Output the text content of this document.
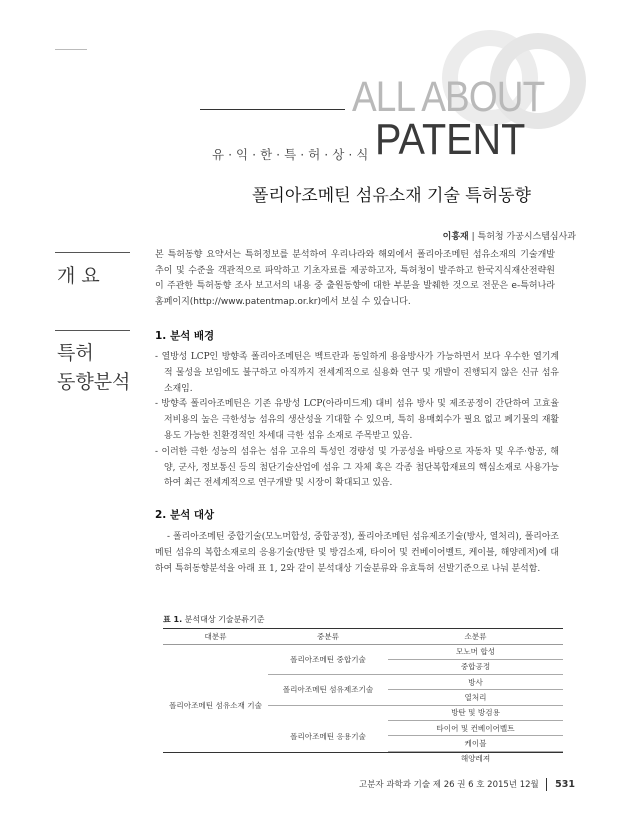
ALL ABOUT
PATENT
유·익·한·특·허·상·식
폴리아조메틴 섬유소재 기술 특허동향
이흥재 | 특허청 가공시스템심사과
개 요
특허
동향분석

본 특허동향 요약서는 특허정보를 분석하여 우리나라와 해외에서 폴리아조메틴 섬유소재의 기술개발 추이 및 수준을 객관적으로 파악하고 기초자료를 제공하고자, 특허청이 발주하고 한국지식재산전략원이 주관한 특허동향 조사 보고서의 내용 중 출원동향에 대한 부분을 발췌한 것으로 전문은 e-특허나라 홈페이지(http://www.patentmap.or.kr)에서 보실 수 있습니다.

1. 분석 배경
- 열방성 LCP인 방향족 폴리아조메틴은 벡트란과 동일하게 용융방사가 가능하면서 보다 우수한 열기계적 물성을 보임에도 불구하고 아직까지 전세계적으로 실용화 연구 및 개발이 진행되지 않은 신규 섬유소재임.
- 방향족 폴리아조메틴은 기존 유방성 LCP(아라미드계) 대비 섬유 방사 및 제조공정이 간단하여 고효율 저비용의 높은 극한성능 섬유의 생산성을 기대할 수 있으며, 특히 용매회수가 필요 없고 폐기물의 재활용도 가능한 친환경적인 차세대 극한 섬유 소재로 주목받고 있음.
- 이러한 극한 성능의 섬유는 섬유 고유의 특성인 경량성 및 가공성을 바탕으로 자동차 및 우주·항공, 해양, 군사, 정보통신 등의 첨단기술산업에 섬유 그 자체 혹은 각종 첨단복합재료의 핵심소재로 사용가능하여 최근 전세계적으로 연구개발 및 시장이 확대되고 있음.
2. 분석 대상

- 폴리아조메틴 중합기술(모노머합성, 중합공정), 폴리아조메틴 섬유제조기술(방사, 열처리), 폴리아조메틴 섬유의 복합소재로의 응용기술(방탄 및 방검소재, 타이어 및 컨베이어벨트, 케이블, 해양레저)에 대하여 특허동향분석을 아래 표 1, 2와 같이 분석대상 기술분류와 유효특허 선발기준으로 나눠 분석함.

표 1. 분석대상 기술분류기준
대분류	중분류	소분류
폴리아조메틴 섬유소재 기술	폴리아조메틴 중합기술	모노머 합성
		중합공정
	폴리아조메틴 섬유제조기술	방사
		열처리
	폴리아조메틴 응용기술	방탄 및 방검용
		타이어 및 컨베이어벨트
		케이블
		해양레져
고분자 과학과 기술 제 26 권 6 호 2015년 12월 531
